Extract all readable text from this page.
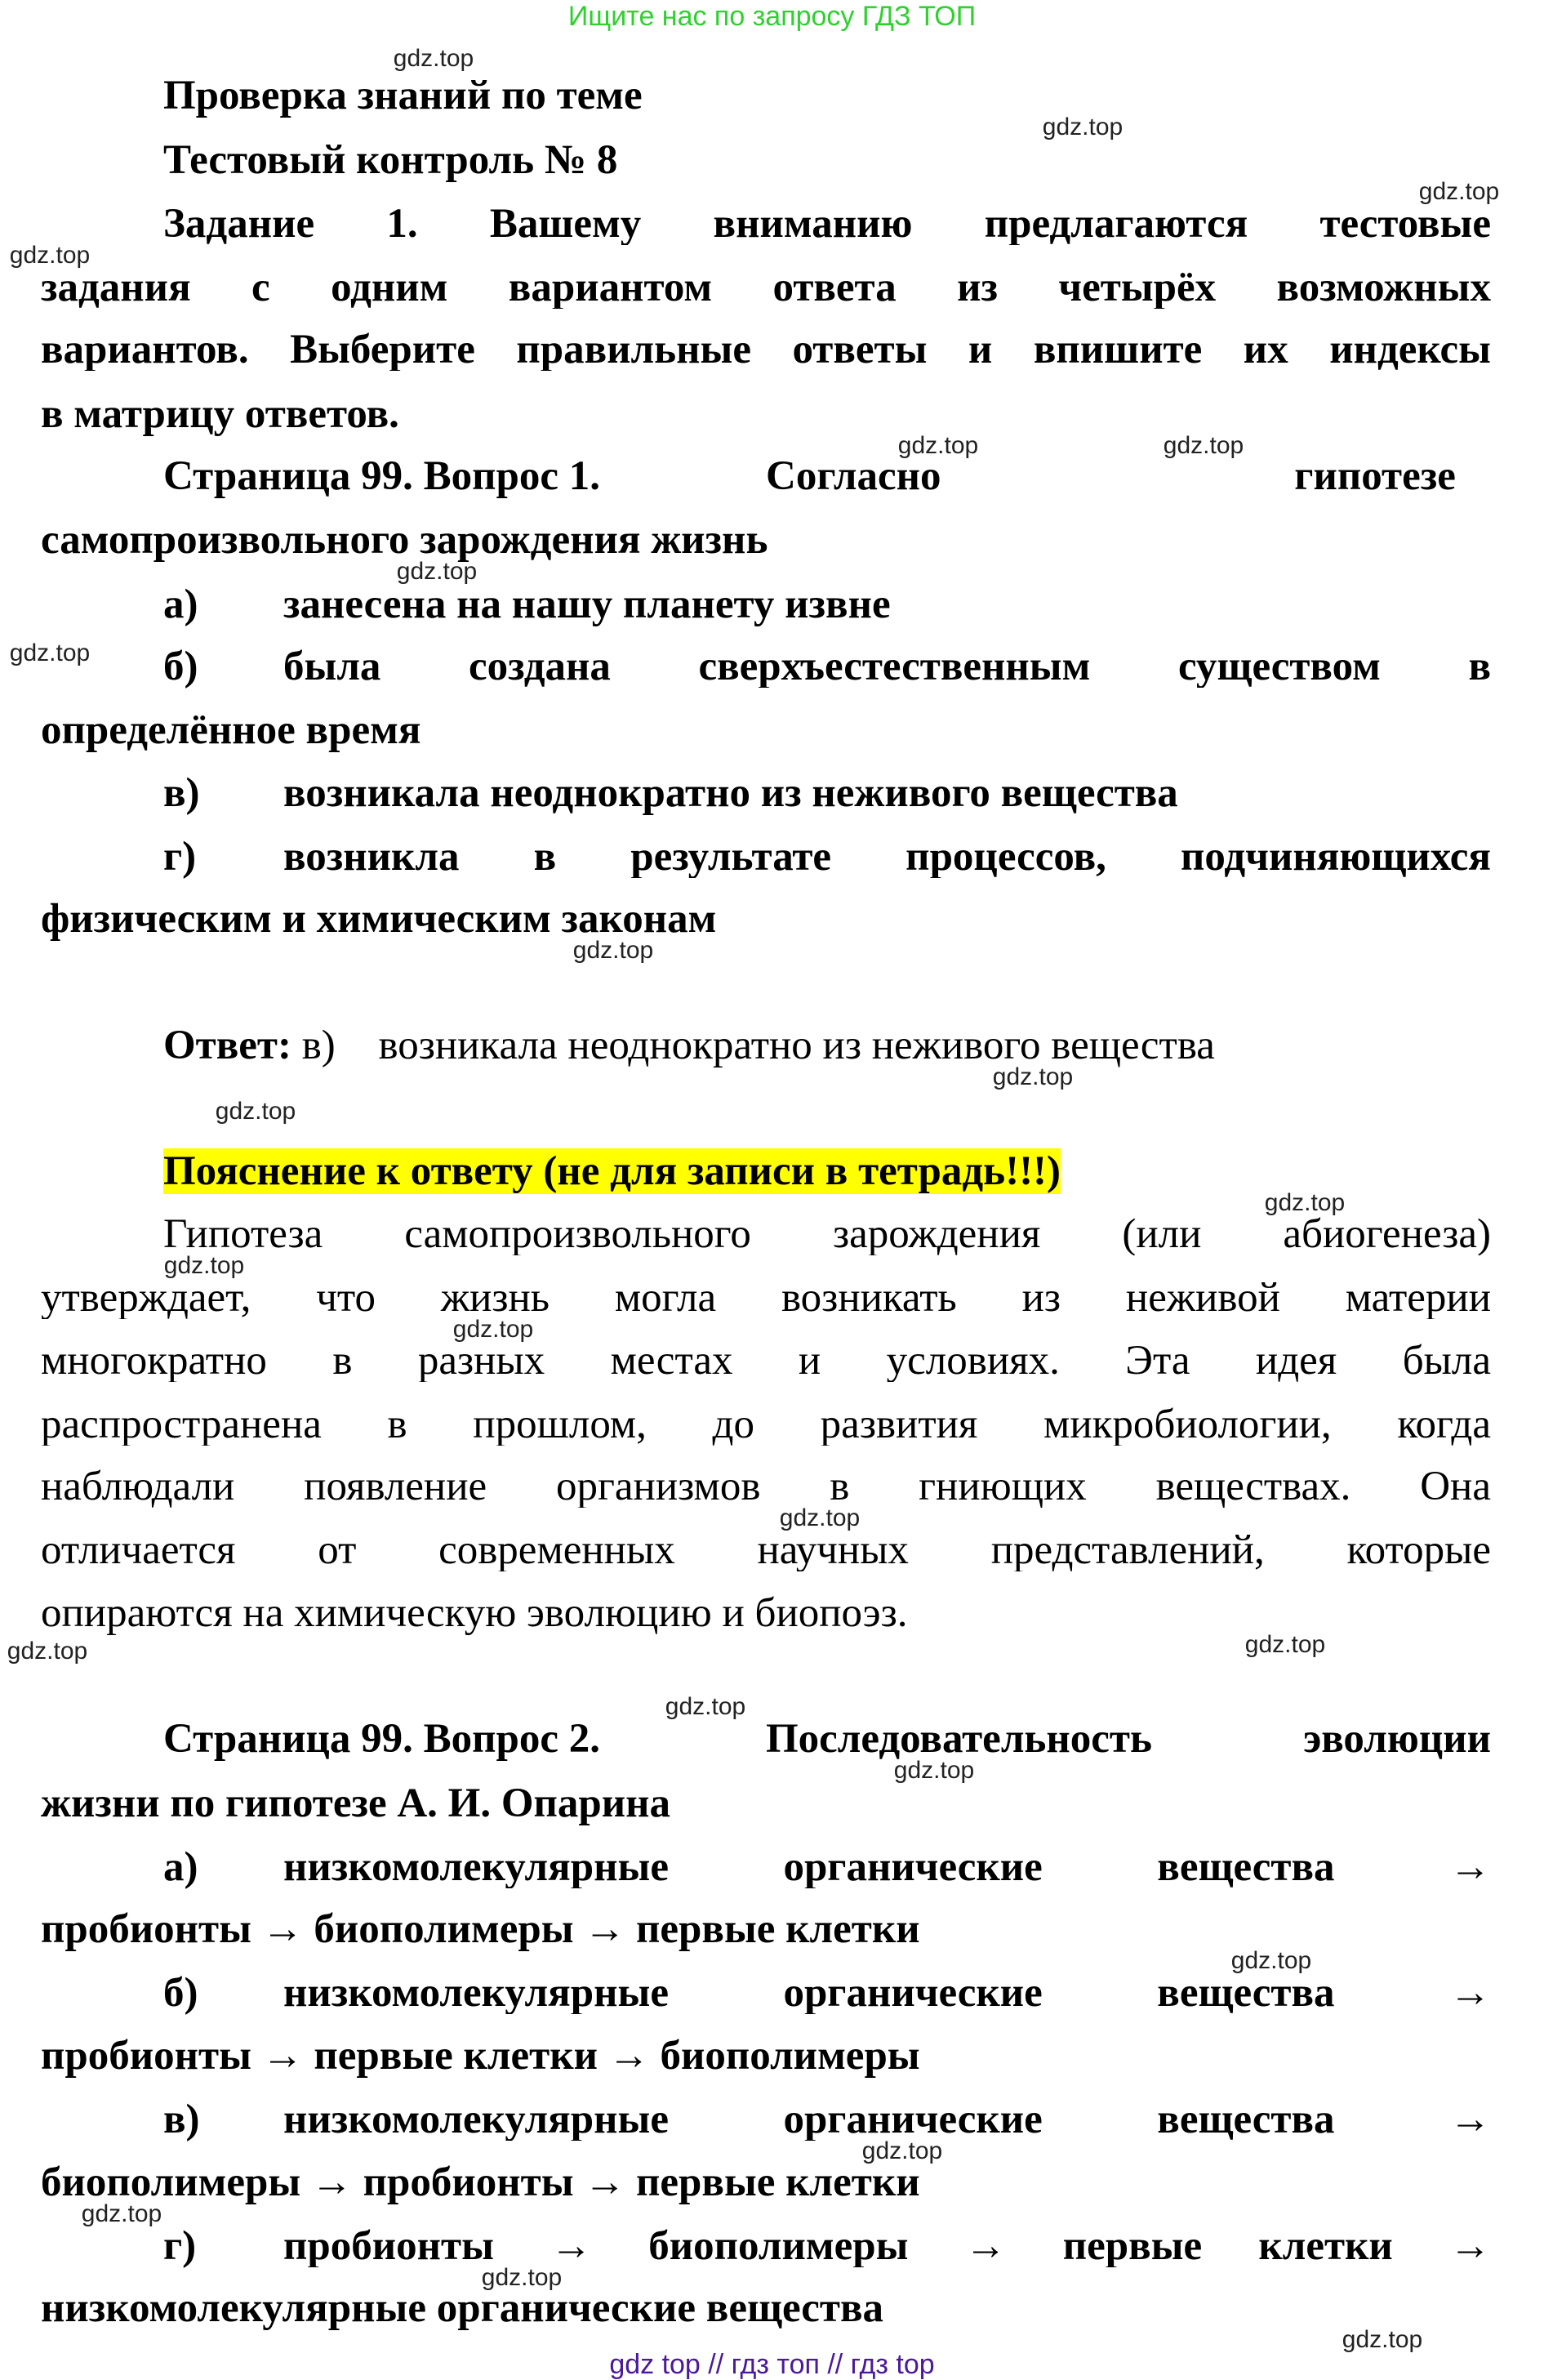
Ищите нас по запросу ГДЗ ТОП
Проверка знаний по теме
Тестовый контроль № 8
Задание 1. Вашему вниманию предлагаются тестовые
задания с одним вариантом ответа из четырёх возможных
вариантов. Выберите правильные ответы и впишите их индексы
в матрицу ответов.
Страница 99. Вопрос 1.	Согласно гипотезе
самопроизвольного зарождения жизнь
а) занесена на нашу планету извне
б) была создана сверхъестественным существом в
определённое время
в) возникала неоднократно из неживого вещества
г) возникла в результате процессов, подчиняющихся
физическим и химическим законам
Ответ: в) возникала неоднократно из неживого вещества
Пояснение к ответу (не для записи в тетрадь!!!)
Гипотеза самопроизвольного зарождения (или абиогенеза)
утверждает, что жизнь могла возникать из неживой материи
многократно в разных местах и условиях. Эта идея была
распространена в прошлом, до развития микробиологии, когда
наблюдали появление организмов в гниющих веществах. Она
отличается от современных научных представлений, которые
опираются на химическую эволюцию и биопоэз.
Страница 99. Вопрос 2.	Последовательность эволюции
жизни по гипотезе А. И. Опарина
а) низкомолекулярные органические вещества →
пробионты → биополимеры → первые клетки
б) низкомолекулярные органические вещества →
пробионты → первые клетки → биополимеры
в) низкомолекулярные органические вещества →
биополимеры → пробионты → первые клетки
г) пробионты → биополимеры → первые клетки →
низкомолекулярные органические вещества
gdz.top
gdz.top
gdz.top
gdz.top
gdz.top	gdz.top
gdz.top
gdz.top
gdz.top
gdz.top
gdz.top
gdz.top
gdz.top
gdz.top
gdz.top
gdz.top
gdz.top
gdz.top
gdz.top
gdz.top
gdz.top
gdz.top
gdz.top
gdz.top
gdz top // гдз топ // гдз top
